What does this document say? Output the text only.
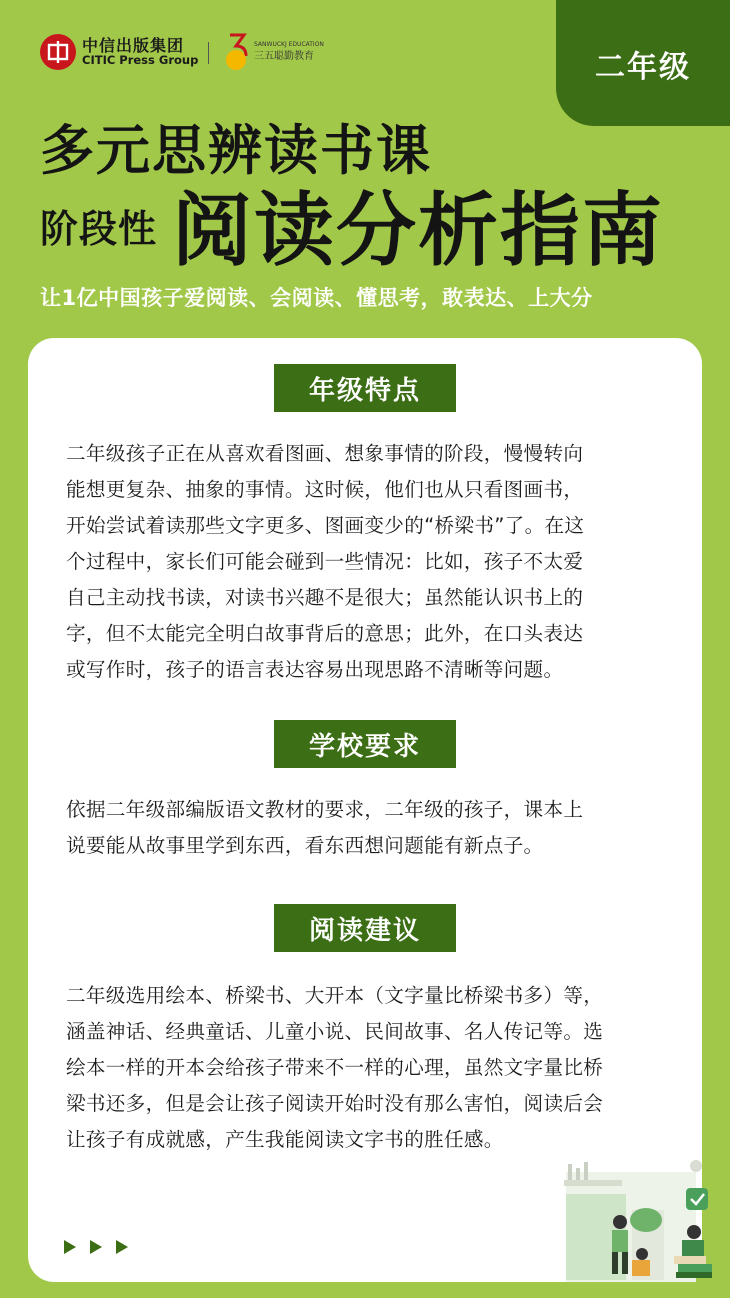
中信出版集团
CITIC Press Group
SANWUCKJ EDUCATION
三五聪勤教育	二年级
多元思辨读书课
阶段性 阅读分析指南
让1亿中国孩子爱阅读、会阅读、懂思考，敢表达、上大分
年级特点
二年级孩子正在从喜欢看图画、想象事情的阶段，慢慢转向
能想更复杂、抽象的事情。这时候，他们也从只看图画书，
开始尝试着读那些文字更多、图画变少的“桥梁书”了。在这
个过程中，家长们可能会碰到一些情况：比如，孩子不太爱
自己主动找书读，对读书兴趣不是很大；虽然能认识书上的
字，但不太能完全明白故事背后的意思；此外，在口头表达
或写作时，孩子的语言表达容易出现思路不清晰等问题。
学校要求
依据二年级部编版语文教材的要求，二年级的孩子，课本上
说要能从故事里学到东西，看东西想问题能有新点子。
阅读建议
二年级选用绘本、桥梁书、大开本（文字量比桥梁书多）等，
涵盖神话、经典童话、儿童小说、民间故事、名人传记等。选
绘本一样的开本会给孩子带来不一样的心理，虽然文字量比桥
梁书还多，但是会让孩子阅读开始时没有那么害怕，阅读后会
让孩子有成就感，产生我能阅读文字书的胜任感。
